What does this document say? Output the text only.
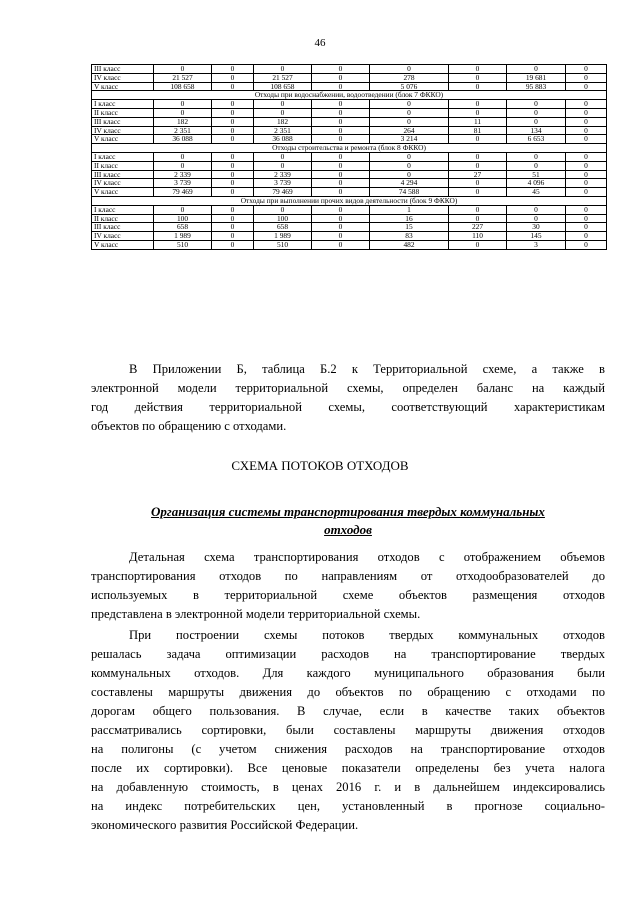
46
III класс	0	0	0	0	0	0	0	0
IV класс	21 527	0	21 527	0	278	0	19 681	0
V класс	108 658	0	108 658	0	5 076	0	95 883	0
Отходы при водоснабжении, водоотведении (блок 7 ФККО)								
I класс	0	0	0	0	0	0	0	0
II класс	0	0	0	0	0	0	0	0
III класс	182	0	182	0	0	11	0	0
IV класс	2 351	0	2 351	0	264	81	134	0
V класс	36 088	0	36 088	0	3 214	0	6 653	0
Отходы строительства и ремонта (блок 8 ФККО)								
I класс	0	0	0	0	0	0	0	0
II класс	0	0	0	0	0	0	0	0
III класс	2 339	0	2 339	0	0	27	51	0
IV класс	3 739	0	3 739	0	4 294	0	4 096	0
V класс	79 469	0	79 469	0	74 588	0	45	0
Отходы при выполнении прочих видов деятельности (блок 9 ФККО)								
I класс	0	0	0	0	1	0	0	0
II класс	100	0	100	0	16	0	0	0
III класс	658	0	658	0	15	227	30	0
IV класс	1 989	0	1 989	0	83	110	145	0
V класс	510	0	510	0	482	0	3	0
В Приложении Б, таблица Б.2 к Территориальной схеме, а также в
электронной модели территориальной схемы, определен баланс на каждый
год действия территориальной схемы, соответствующий характеристикам
объектов по обращению с отходами.
СХЕМА ПОТОКОВ ОТХОДОВ
Организация системы транспортирования твердых коммунальных
отходов
Детальная схема транспортирования отходов с отображением объемов
транспортирования отходов по направлениям от отходообразователей до
используемых в территориальной схеме объектов размещения отходов
представлена в электронной модели территориальной схемы.
При построении схемы потоков твердых коммунальных отходов
решалась задача оптимизации расходов на транспортирование твердых
коммунальных отходов. Для каждого муниципального образования были
составлены маршруты движения до объектов по обращению с отходами по
дорогам общего пользования. В случае, если в качестве таких объектов
рассматривались сортировки, были составлены маршруты движения отходов
на полигоны (с учетом снижения расходов на транспортирование отходов
после их сортировки). Все ценовые показатели определены без учета налога
на добавленную стоимость, в ценах 2016 г. и в дальнейшем индексировались
на индекс потребительских цен, установленный в прогнозе социально-
экономического развития Российской Федерации.
